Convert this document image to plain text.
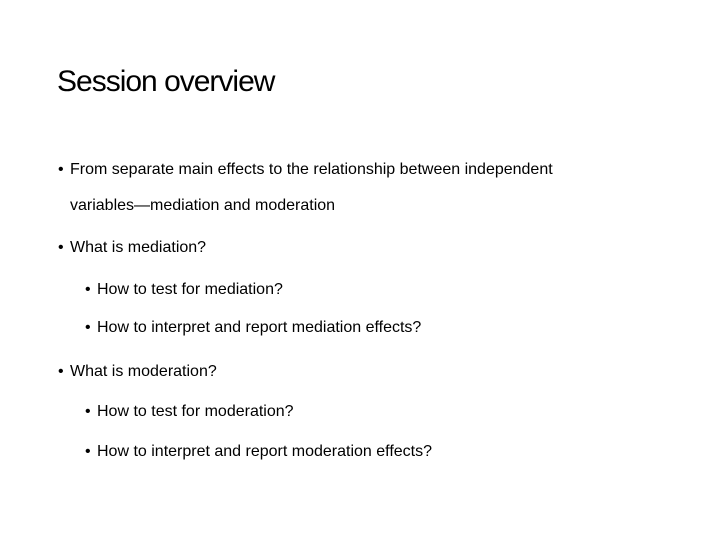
Session overview
• From separate main effects to the relationship between independent
variables—mediation and moderation
• What is mediation?
• How to test for mediation?
• How to interpret and report mediation effects?
• What is moderation?
• How to test for moderation?
• How to interpret and report moderation effects?
